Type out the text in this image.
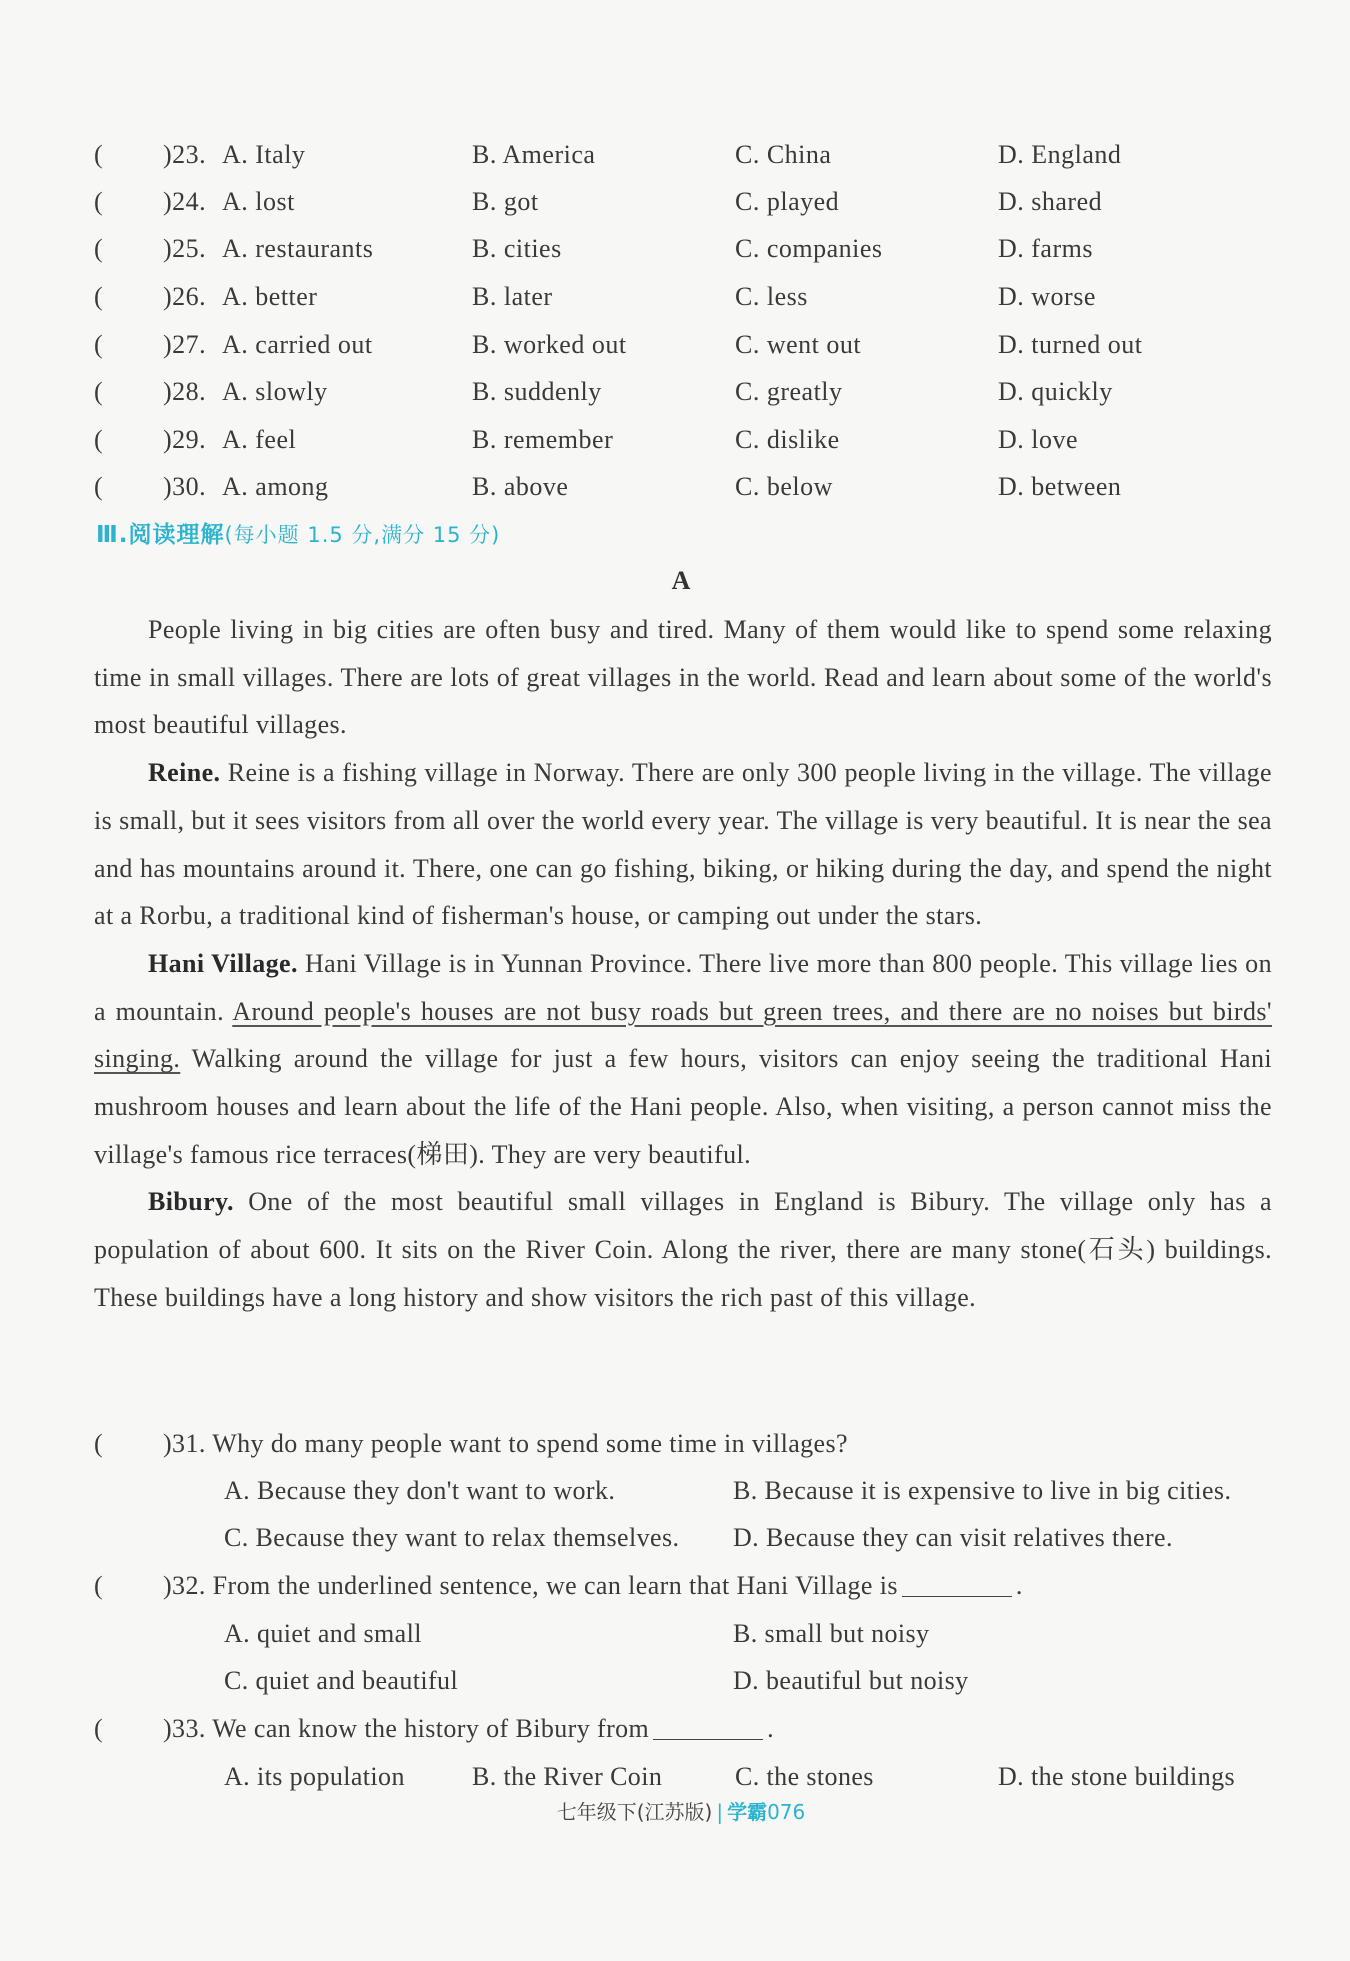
( )23. A. Italy	B. America	C. China	D. England
( )24. A. lost	B. got	C. played	D. shared
( )25. A. restaurants	B. cities	C. companies	D. farms
( )26. A. better	B. later	C. less	D. worse
( )27. A. carried out	B. worked out	C. went out	D. turned out
( )28. A. slowly	B. suddenly	C. greatly	D. quickly
( )29. A. feel	B. remember	C. dislike	D. love
( )30. A. among	B. above	C. below	D. between
Ⅲ.阅读理解(每小题 1.5 分,满分 15 分)
A

People living in big cities are often busy and tired. Many of them would like to spend some relaxing time in small villages. There are lots of great villages in the world. Read and learn about some of the world's most beautiful villages.

Reine. Reine is a fishing village in Norway. There are only 300 people living in the village. The village is small, but it sees visitors from all over the world every year. The village is very beautiful. It is near the sea and has mountains around it. There, one can go fishing, biking, or hiking during the day, and spend the night at a Rorbu, a traditional kind of fisherman's house, or camping out under the stars.

Hani Village. Hani Village is in Yunnan Province. There live more than 800 people. This village lies on a mountain. Around people's houses are not busy roads but green trees, and there are no noises but birds' singing. Walking around the village for just a few hours, visitors can enjoy seeing the traditional Hani mushroom houses and learn about the life of the Hani people. Also, when visiting, a person cannot miss the village's famous rice terraces(梯田). They are very beautiful.

Bibury. One of the most beautiful small villages in England is Bibury. The village only has a population of about 600. It sits on the River Coin. Along the river, there are many stone(石头) buildings. These buildings have a long history and show visitors the rich past of this village.

( )31. Why do many people want to spend some time in villages?
A. Because they don't want to work.	B. Because it is expensive to live in big cities.
C. Because they want to relax themselves. D. Because they can visit relatives there.
( )32. From the underlined sentence, we can learn that Hani Village is	.
A. quiet and small	B. small but noisy
C. quiet and beautiful	D. beautiful but noisy
( )33. We can know the history of Bibury from	.
A. its population	B. the River Coin	C. the stones	D. the stone buildings
七年级下(江苏版) | 学霸076
